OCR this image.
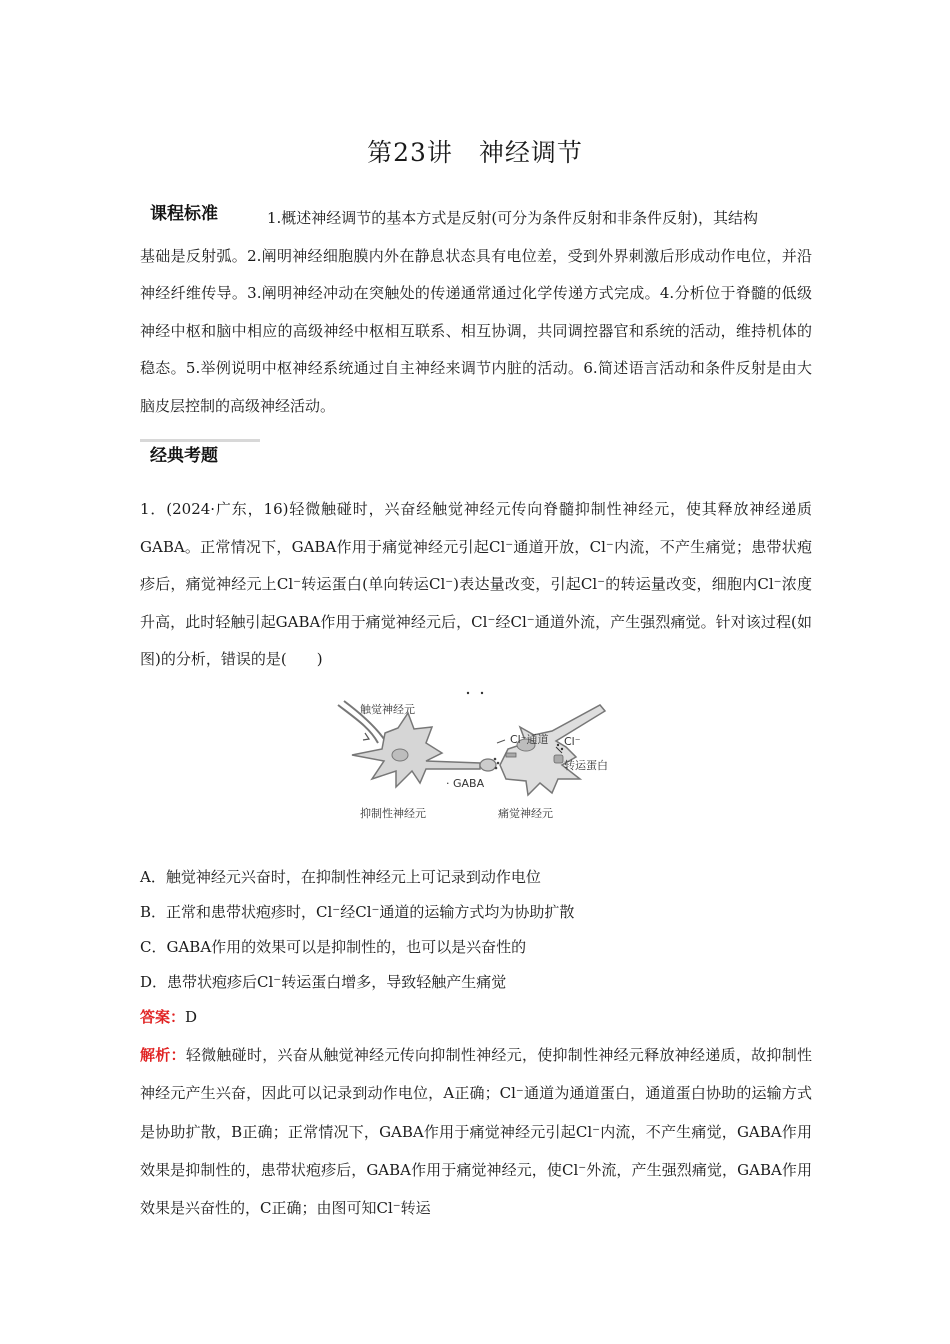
第23讲　神经调节
课程标准	1.概述神经调节的基本方式是反射(可分为条件反射和非条件反射)，其结构
基础是反射弧。2.阐明神经细胞膜内外在静息状态具有电位差，受到外界刺激后形成动作电位，并沿神经纤维传导。3.阐明神经冲动在突触处的传递通常通过化学传递方式完成。4.分析位于脊髓的低级神经中枢和脑中相应的高级神经中枢相互联系、相互协调，共同调控器官和系统的活动，维持机体的稳态。5.举例说明中枢神经系统通过自主神经来调节内脏的活动。6.简述语言活动和条件反射是由大脑皮层控制的高级神经活动。
经典考题
1．(2024·广东，16)轻微触碰时，兴奋经触觉神经元传向脊髓抑制性神经元，使其释放神经递质GABA。正常情况下，GABA作用于痛觉神经元引起Cl⁻通道开放，Cl⁻内流，不产生痛觉；患带状疱疹后，痛觉神经元上Cl⁻转运蛋白(单向转运Cl⁻)表达量改变，引起Cl⁻的转运量改变，细胞内Cl⁻浓度升高，此时轻触引起GABA作用于痛觉神经元后，Cl⁻经Cl⁻通道外流，产生强烈痛觉。针对该过程(如图)的分析，错误的是(　　)
触觉神经元
Cl⁻通道 Cl⁻
转运蛋白
· GABA
抑制性神经元	痛觉神经元
A．触觉神经元兴奋时，在抑制性神经元上可记录到动作电位
B．正常和患带状疱疹时，Cl⁻经Cl⁻通道的运输方式均为协助扩散
C．GABA作用的效果可以是抑制性的，也可以是兴奋性的
D．患带状疱疹后Cl⁻转运蛋白增多，导致轻触产生痛觉
答案：D
解析：轻微触碰时，兴奋从触觉神经元传向抑制性神经元，使抑制性神经元释放神经递质，故抑制性神经元产生兴奋，因此可以记录到动作电位，A正确；Cl⁻通道为通道蛋白，通道蛋白协助的运输方式是协助扩散，B正确；正常情况下，GABA作用于痛觉神经元引起Cl⁻内流，不产生痛觉，GABA作用效果是抑制性的，患带状疱疹后，GABA作用于痛觉神经元，使Cl⁻外流，产生强烈痛觉，GABA作用效果是兴奋性的，C正确；由图可知Cl⁻转运
